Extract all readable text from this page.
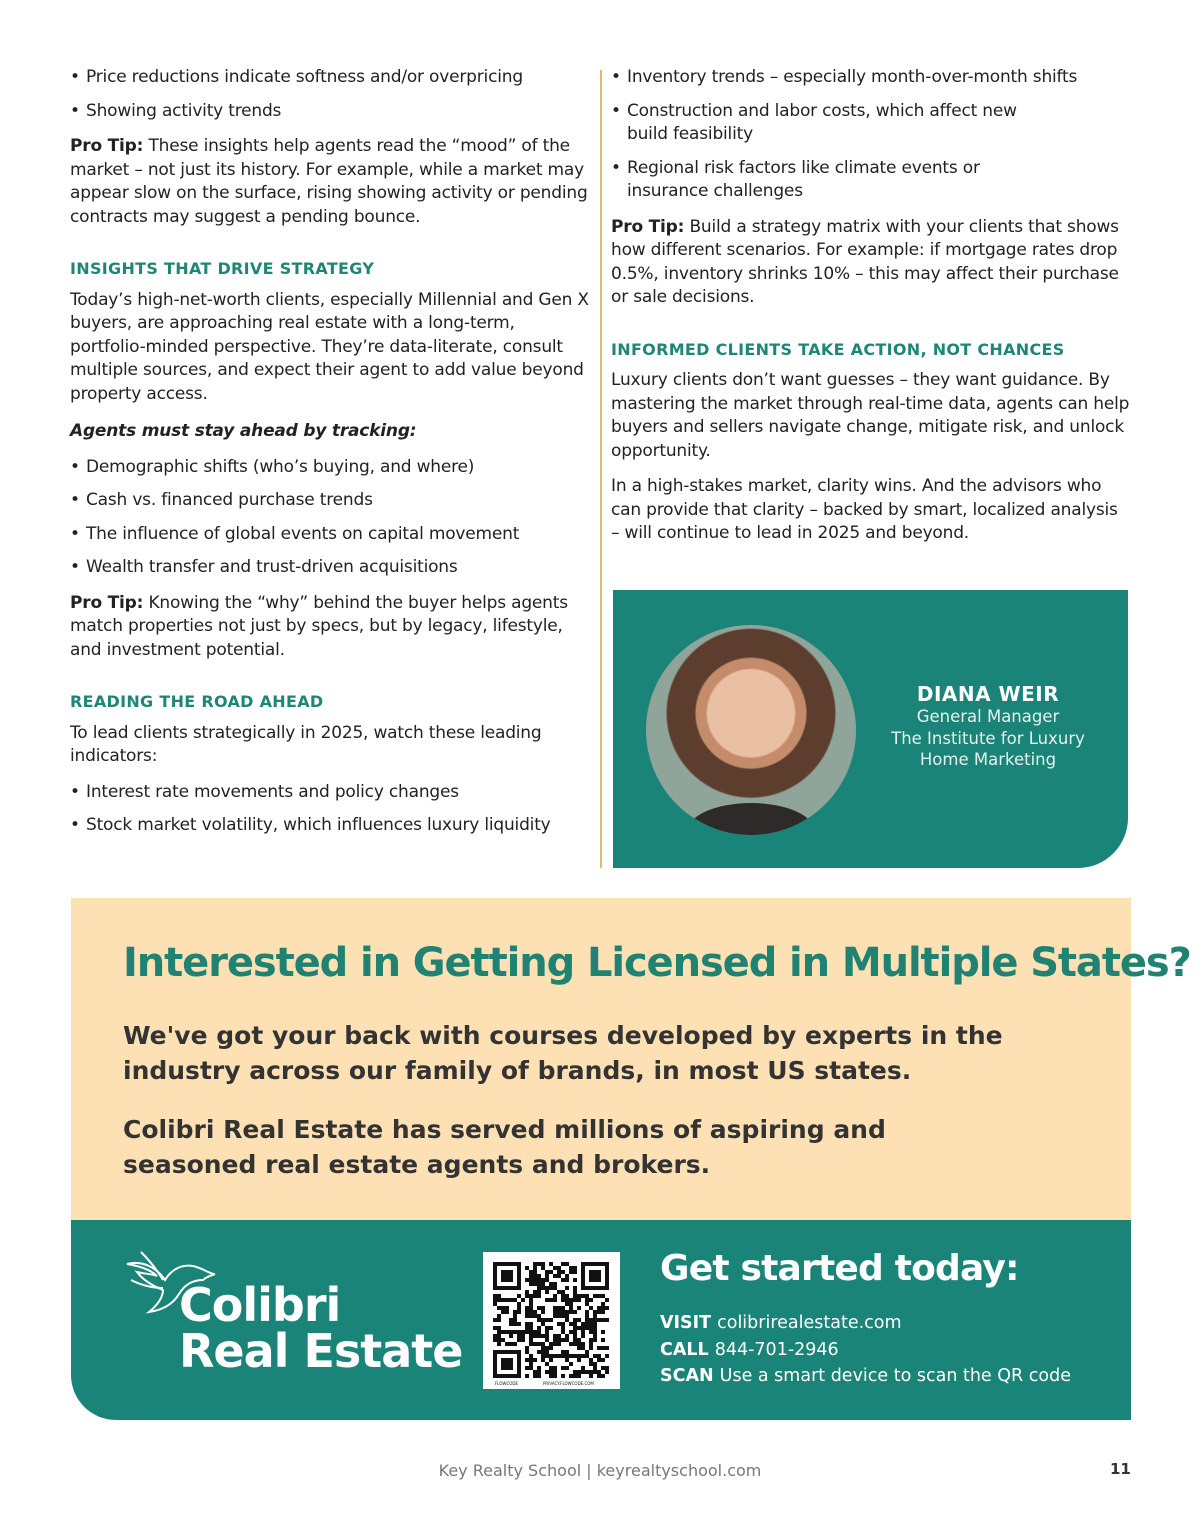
• Price reductions indicate softness and/or overpricing
• Showing activity trends

Pro Tip: These insights help agents read the “mood” of the market – not just its history. For example, while a market may appear slow on the surface, rising showing activity or pending contracts may suggest a pending bounce.

INSIGHTS THAT DRIVE STRATEGY

Today’s high-net-worth clients, especially Millennial and Gen X buyers, are approaching real estate with a long-term, portfolio-minded perspective. They’re data-literate, consult multiple sources, and expect their agent to add value beyond property access.

Agents must stay ahead by tracking:

• Demographic shifts (who’s buying, and where)
• Cash vs. financed purchase trends
• The influence of global events on capital movement
• Wealth transfer and trust-driven acquisitions

Pro Tip: Knowing the “why” behind the buyer helps agents match properties not just by specs, but by legacy, lifestyle, and investment potential.

READING THE ROAD AHEAD

To lead clients strategically in 2025, watch these leading indicators:

• Interest rate movements and policy changes
• Stock market volatility, which influences luxury liquidity
• Inventory trends – especially month-over-month shifts
• Construction and labor costs, which affect new build feasibility
• Regional risk factors like climate events or insurance challenges

Pro Tip: Build a strategy matrix with your clients that shows how different scenarios. For example: if mortgage rates drop 0.5%, inventory shrinks 10% – this may affect their purchase or sale decisions.

INFORMED CLIENTS TAKE ACTION, NOT CHANCES

Luxury clients don’t want guesses – they want guidance. By mastering the market through real-time data, agents can help buyers and sellers navigate change, mitigate risk, and unlock opportunity.

In a high-stakes market, clarity wins. And the advisors who can provide that clarity – backed by smart, localized analysis – will continue to lead in 2025 and beyond.

DIANA WEIR
General Manager
The Institute for Luxury
Home Marketing
Interested in Getting Licensed in Multiple States?

We've got your back with courses developed by experts in the industry across our family of brands, in most US states.

Colibri Real Estate has served millions of aspiring and seasoned real estate agents and brokers.

Colibri
Real Estate
FLOWCODE	PRIVACY.FLOWCODE.COM
Get started today:
VISIT colibrirealestate.com
CALL 844-701-2946
SCAN Use a smart device to scan the QR code
Key Realty School | keyrealtyschool.com	11
